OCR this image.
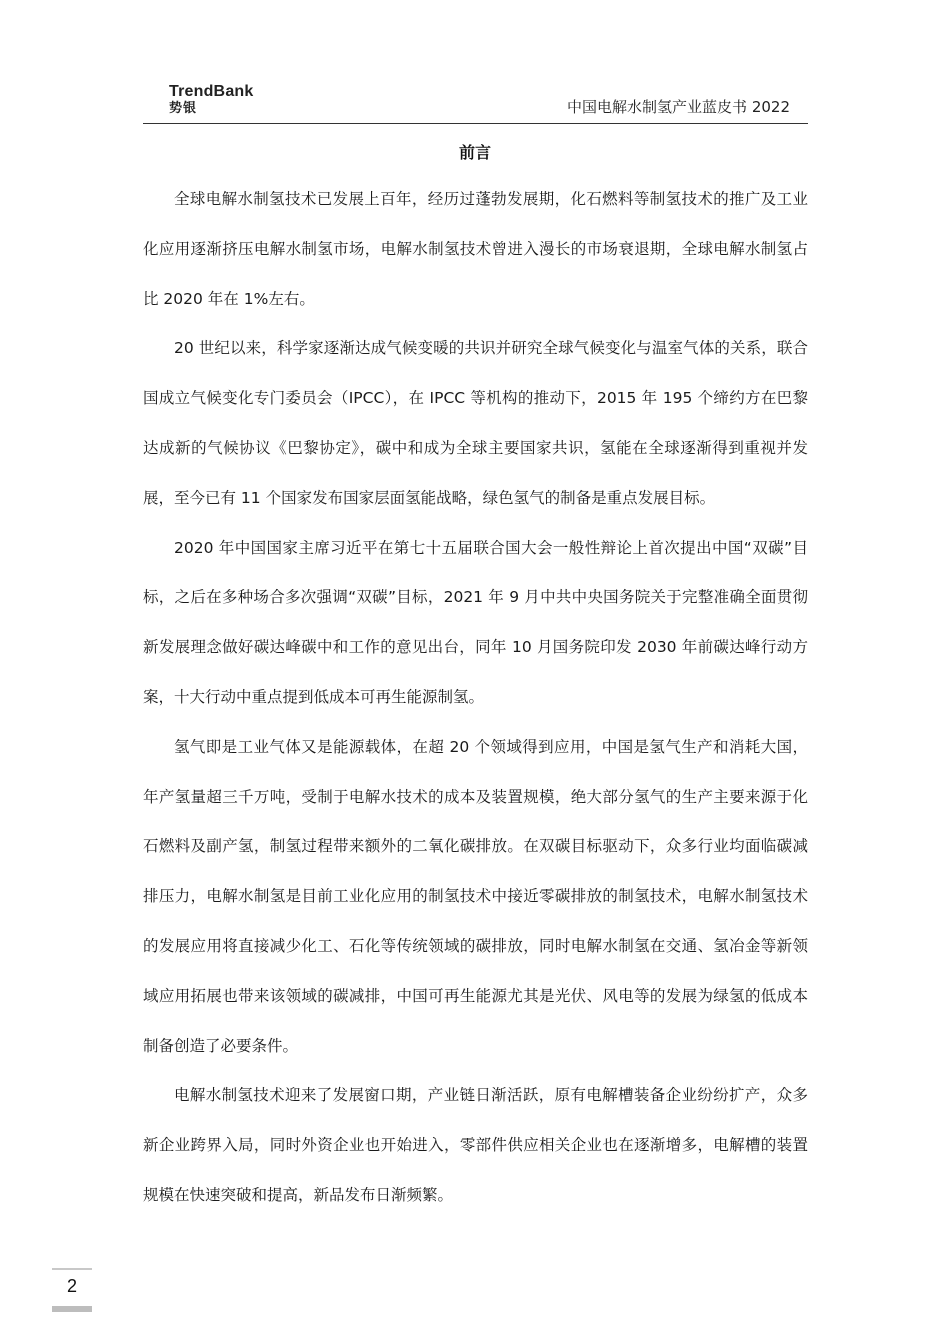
TrendBank
势银	中国电解水制氢产业蓝皮书 2022
前言

全球电解水制氢技术已发展上百年，经历过蓬勃发展期，化石燃料等制氢技术的推广及工业化应用逐渐挤压电解水制氢市场，电解水制氢技术曾进入漫长的市场衰退期，全球电解水制氢占比 2020 年在 1%左右。

20 世纪以来，科学家逐渐达成气候变暖的共识并研究全球气候变化与温室气体的关系，联合国成立气候变化专门委员会（IPCC），在 IPCC 等机构的推动下，2015 年 195 个缔约方在巴黎达成新的气候协议《巴黎协定》，碳中和成为全球主要国家共识，氢能在全球逐渐得到重视并发展，至今已有 11 个国家发布国家层面氢能战略，绿色氢气的制备是重点发展目标。

2020 年中国国家主席习近平在第七十五届联合国大会一般性辩论上首次提出中国“双碳”目标，之后在多种场合多次强调“双碳”目标，2021 年 9 月中共中央国务院关于完整准确全面贯彻新发展理念做好碳达峰碳中和工作的意见出台，同年 10 月国务院印发 2030 年前碳达峰行动方案，十大行动中重点提到低成本可再生能源制氢。

氢气即是工业气体又是能源载体，在超 20 个领域得到应用，中国是氢气生产和消耗大国，年产氢量超三千万吨，受制于电解水技术的成本及装置规模，绝大部分氢气的生产主要来源于化石燃料及副产氢，制氢过程带来额外的二氧化碳排放。在双碳目标驱动下，众多行业均面临碳减排压力，电解水制氢是目前工业化应用的制氢技术中接近零碳排放的制氢技术，电解水制氢技术的发展应用将直接减少化工、石化等传统领域的碳排放，同时电解水制氢在交通、氢冶金等新领域应用拓展也带来该领域的碳减排，中国可再生能源尤其是光伏、风电等的发展为绿氢的低成本制备创造了必要条件。

电解水制氢技术迎来了发展窗口期，产业链日渐活跃，原有电解槽装备企业纷纷扩产，众多新企业跨界入局，同时外资企业也开始进入，零部件供应相关企业也在逐渐增多，电解槽的装置规模在快速突破和提高，新品发布日渐频繁。

2
